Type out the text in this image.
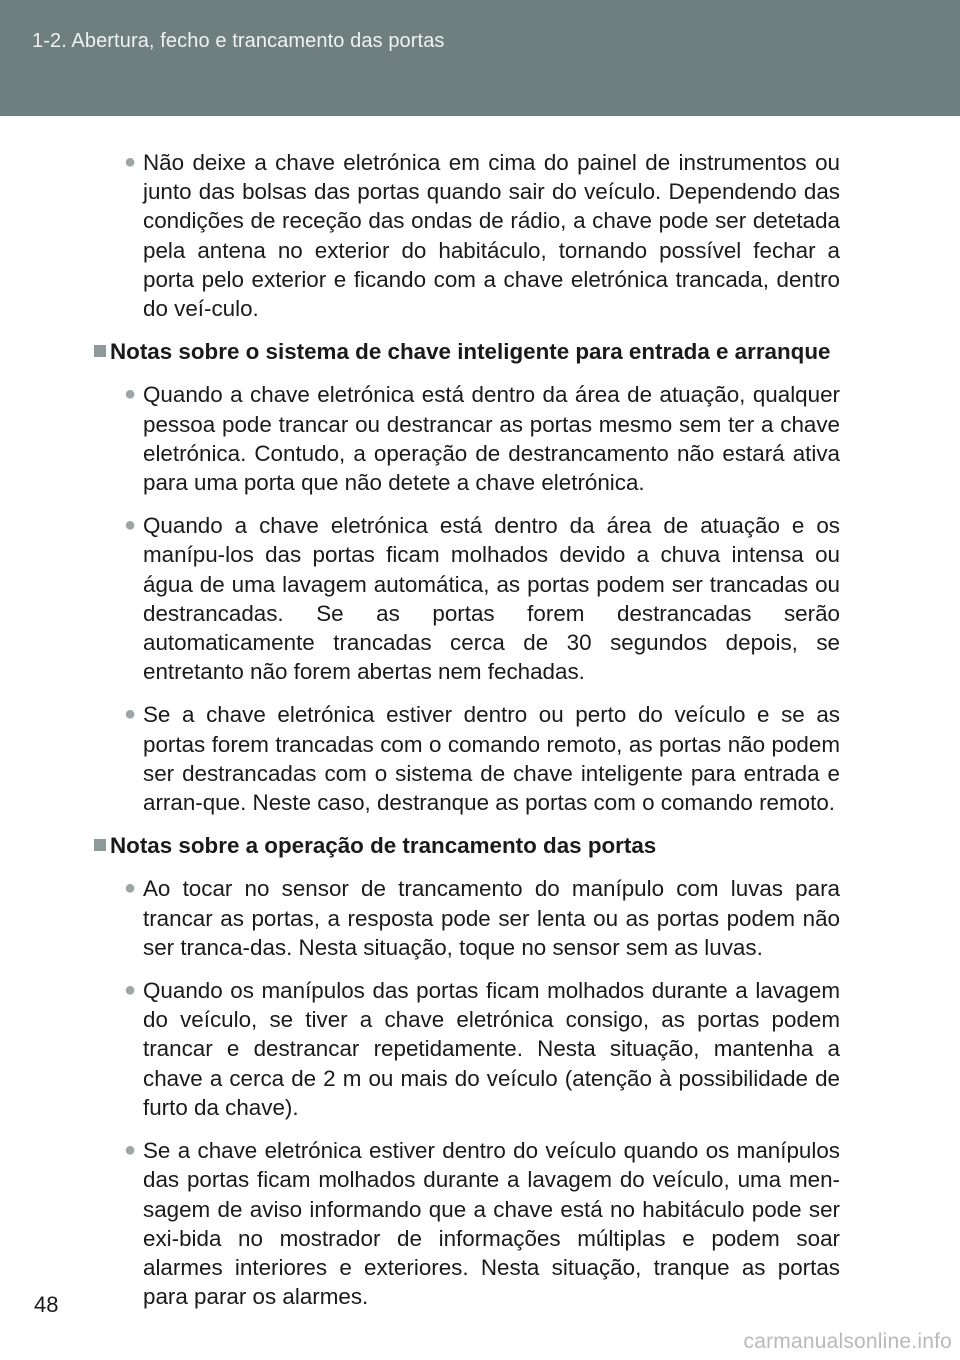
1-2. Abertura, fecho e trancamento das portas
● Não deixe a chave eletrónica em cima do painel de instrumentos ou junto das bolsas das portas quando sair do veículo. Dependendo das condições de receção das ondas de rádio, a chave pode ser detetada pela antena no exterior do habitáculo, tornando possível fechar a porta pelo exterior e ficando com a chave eletrónica trancada, dentro do veí-culo.
Notas sobre o sistema de chave inteligente para entrada e arranque
● Quando a chave eletrónica está dentro da área de atuação, qualquer pessoa pode trancar ou destrancar as portas mesmo sem ter a chave eletrónica. Contudo, a operação de destrancamento não estará ativa para uma porta que não detete a chave eletrónica.
● Quando a chave eletrónica está dentro da área de atuação e os manípu-los das portas ficam molhados devido a chuva intensa ou água de uma lavagem automática, as portas podem ser trancadas ou destrancadas. Se as portas forem destrancadas serão automaticamente trancadas cerca de 30 segundos depois, se entretanto não forem abertas nem fechadas.
● Se a chave eletrónica estiver dentro ou perto do veículo e se as portas forem trancadas com o comando remoto, as portas não podem ser destrancadas com o sistema de chave inteligente para entrada e arran-que. Neste caso, destranque as portas com o comando remoto.
Notas sobre a operação de trancamento das portas
● Ao tocar no sensor de trancamento do manípulo com luvas para trancar as portas, a resposta pode ser lenta ou as portas podem não ser tranca-das. Nesta situação, toque no sensor sem as luvas.
● Quando os manípulos das portas ficam molhados durante a lavagem do veículo, se tiver a chave eletrónica consigo, as portas podem trancar e destrancar repetidamente. Nesta situação, mantenha a chave a cerca de 2 m ou mais do veículo (atenção à possibilidade de furto da chave).
● Se a chave eletrónica estiver dentro do veículo quando os manípulos das portas ficam molhados durante a lavagem do veículo, uma men-sagem de aviso informando que a chave está no habitáculo pode ser exi-bida no mostrador de informações múltiplas e podem soar alarmes interiores e exteriores. Nesta situação, tranque as portas para parar os alarmes.
48
carmanualsonline.info
